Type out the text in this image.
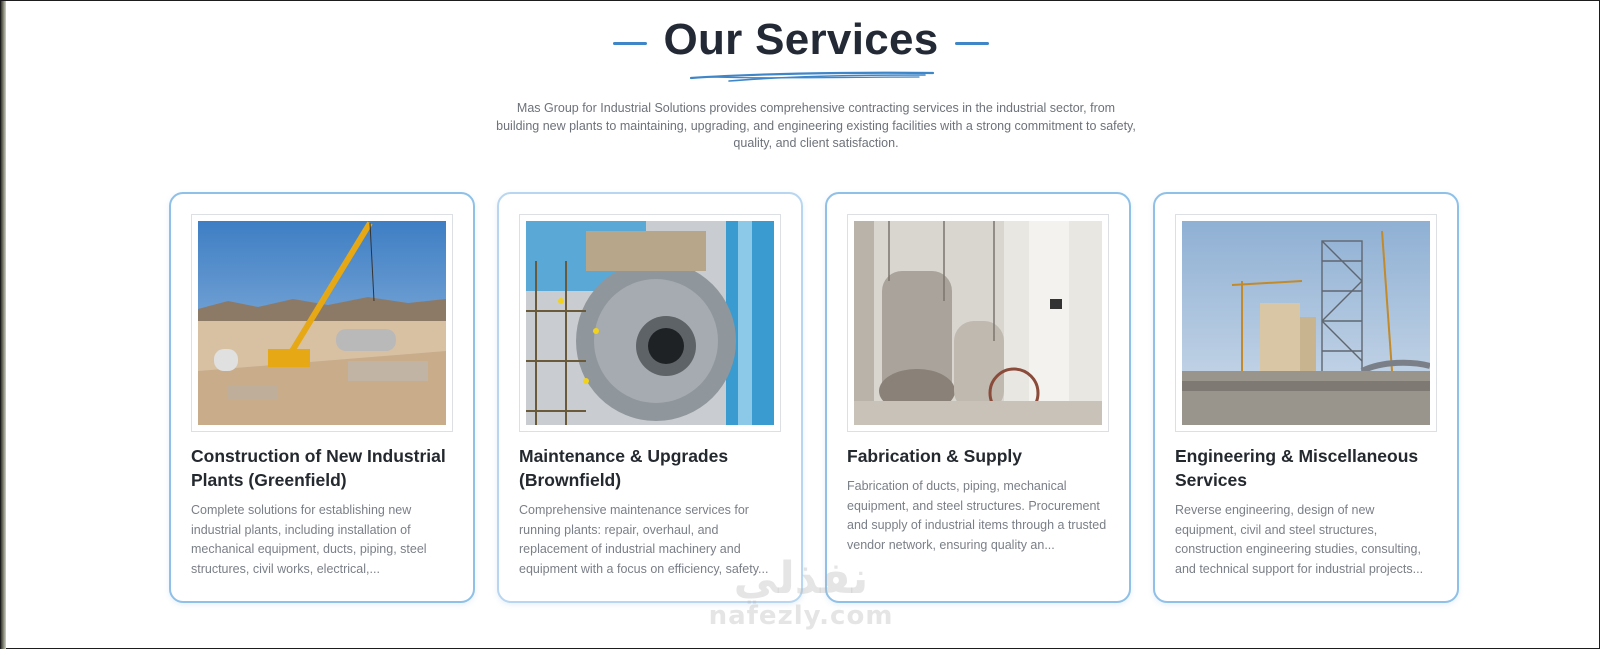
Our Services

Mas Group for Industrial Solutions provides comprehensive contracting services in the industrial sector, from building new plants to maintaining, upgrading, and engineering existing facilities with a strong commitment to safety, quality, and client satisfaction.

Construction of New Industrial Plants (Greenfield)
Complete solutions for establishing new industrial plants, including installation of mechanical equipment, ducts, piping, steel structures, civil works, electrical,...
Maintenance & Upgrades (Brownfield)
Comprehensive maintenance services for running plants: repair, overhaul, and replacement of industrial machinery and equipment with a focus on efficiency, safety...
Fabrication & Supply
Fabrication of ducts, piping, mechanical equipment, and steel structures. Procurement and supply of industrial items through a trusted vendor network, ensuring quality an...
Engineering & Miscellaneous Services
Reverse engineering, design of new equipment, civil and steel structures, construction engineering studies, consulting, and technical support for industrial projects...
نفذلي
nafezly.com
